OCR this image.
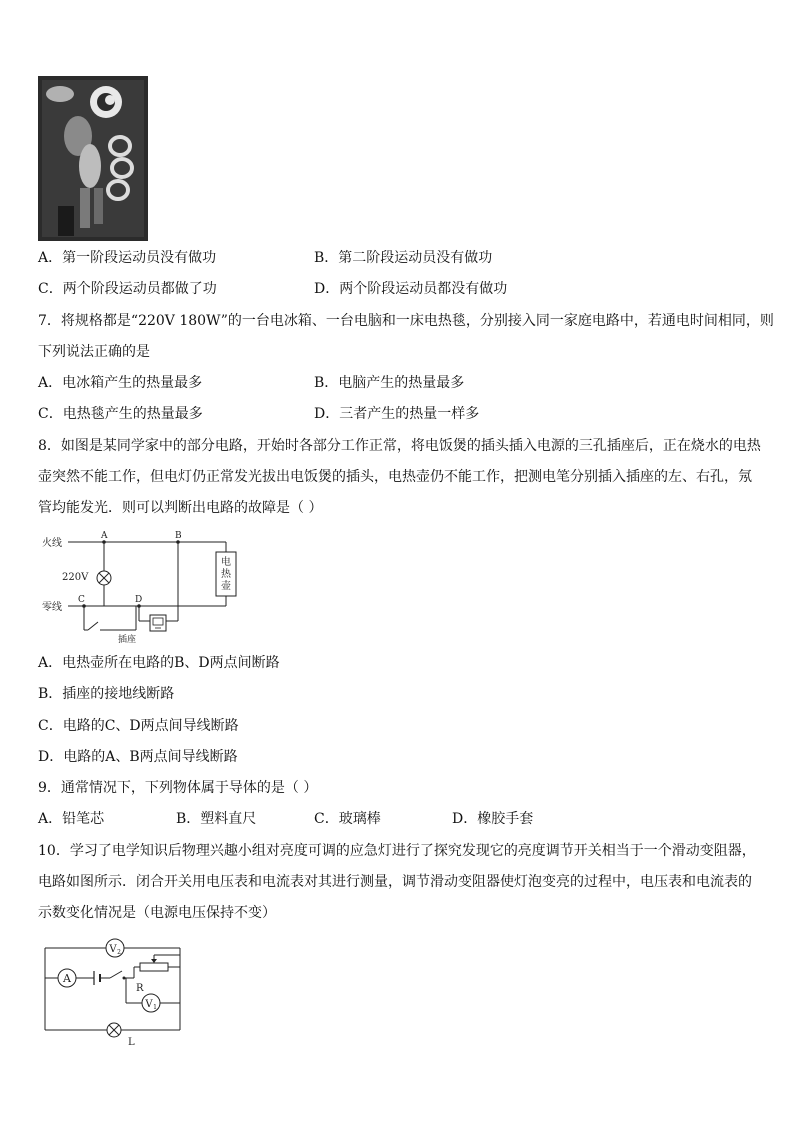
A．第一阶段运动员没有做功	B．第二阶段运动员没有做功
C．两个阶段运动员都做了功	D．两个阶段运动员都没有做功
7．将规格都是“220V 180W”的一台电冰箱、一台电脑和一床电热毯，分别接入同一家庭电路中，若通电时间相同，则
下列说法正确的是
A．电冰箱产生的热量最多	B．电脑产生的热量最多
C．电热毯产生的热量最多	D．三者产生的热量一样多
8．如图是某同学家中的部分电路，开始时各部分工作正常，将电饭煲的插头插入电源的三孔插座后，正在烧水的电热
壶突然不能工作，但电灯仍正常发光拔出电饭煲的插头，电热壶仍不能工作，把测电笔分别插入插座的左、右孔，氖
管均能发光．则可以判断出电路的故障是（ ）
电
热
壶
火线
零线
220V
A	B
C	D
插座
A．电热壶所在电路的B、D两点间断路
B．插座的接地线断路
C．电路的C、D两点间导线断路
D．电路的A、B两点间导线断路
9．通常情况下，下列物体属于导体的是（ ）
A．铅笔芯	B．塑料直尺	C．玻璃棒	D．橡胶手套
10．学习了电学知识后物理兴趣小组对亮度可调的应急灯进行了探究发现它的亮度调节开关相当于一个滑动变阻器，
电路如图所示．闭合开关用电压表和电流表对其进行测量，调节滑动变阻器使灯泡变亮的过程中，电压表和电流表的
示数变化情况是（电源电压保持不变）
A
V 2
V 1
R
L
